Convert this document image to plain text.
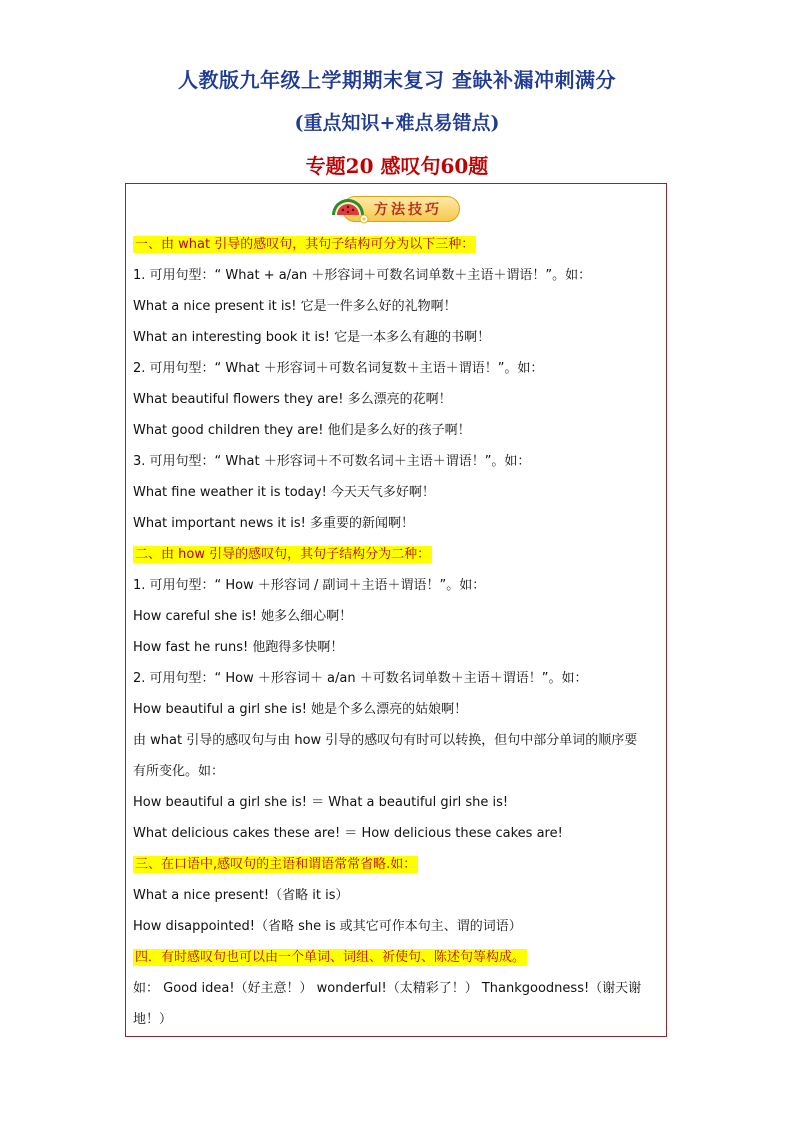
人教版九年级上学期期末复习 查缺补漏冲刺满分
(重点知识+难点易错点)
专题20 感叹句60题
方法技巧
一、由 what 引导的感叹句，其句子结构可分为以下三种：
1. 可用句型：“ What + a/an ＋形容词＋可数名词单数＋主语＋谓语！”。如：
What a nice present it is! 它是一件多么好的礼物啊！
What an interesting book it is! 它是一本多么有趣的书啊！
2. 可用句型：“ What ＋形容词＋可数名词复数＋主语＋谓语！”。如：
What beautiful flowers they are! 多么漂亮的花啊！
What good children they are! 他们是多么好的孩子啊！
3. 可用句型：“ What ＋形容词＋不可数名词＋主语＋谓语！”。如：
What fine weather it is today! 今天天气多好啊！
What important news it is! 多重要的新闻啊！
二、由 how 引导的感叹句，其句子结构分为二种：
1. 可用句型：“ How ＋形容词 / 副词＋主语＋谓语！”。如：
How careful she is! 她多么细心啊！
How fast he runs! 他跑得多快啊！
2. 可用句型：“ How ＋形容词＋ a/an ＋可数名词单数＋主语＋谓语！”。如：
How beautiful a girl she is! 她是个多么漂亮的姑娘啊！
由 what 引导的感叹句与由 how 引导的感叹句有时可以转换，但句中部分单词的顺序要
有所变化。如：
How beautiful a girl she is! ＝ What a beautiful girl she is!
What delicious cakes these are! ＝ How delicious these cakes are!
三、在口语中,感叹句的主语和谓语常常省略.如：
What a nice present!（省略 it is）
How disappointed!（省略 she is 或其它可作本句主、谓的词语）
四．有时感叹句也可以由一个单词、词组、祈使句、陈述句等构成。
如： Good idea!（好主意！） wonderful!（太精彩了！） Thankgoodness!（谢天谢
地！）
